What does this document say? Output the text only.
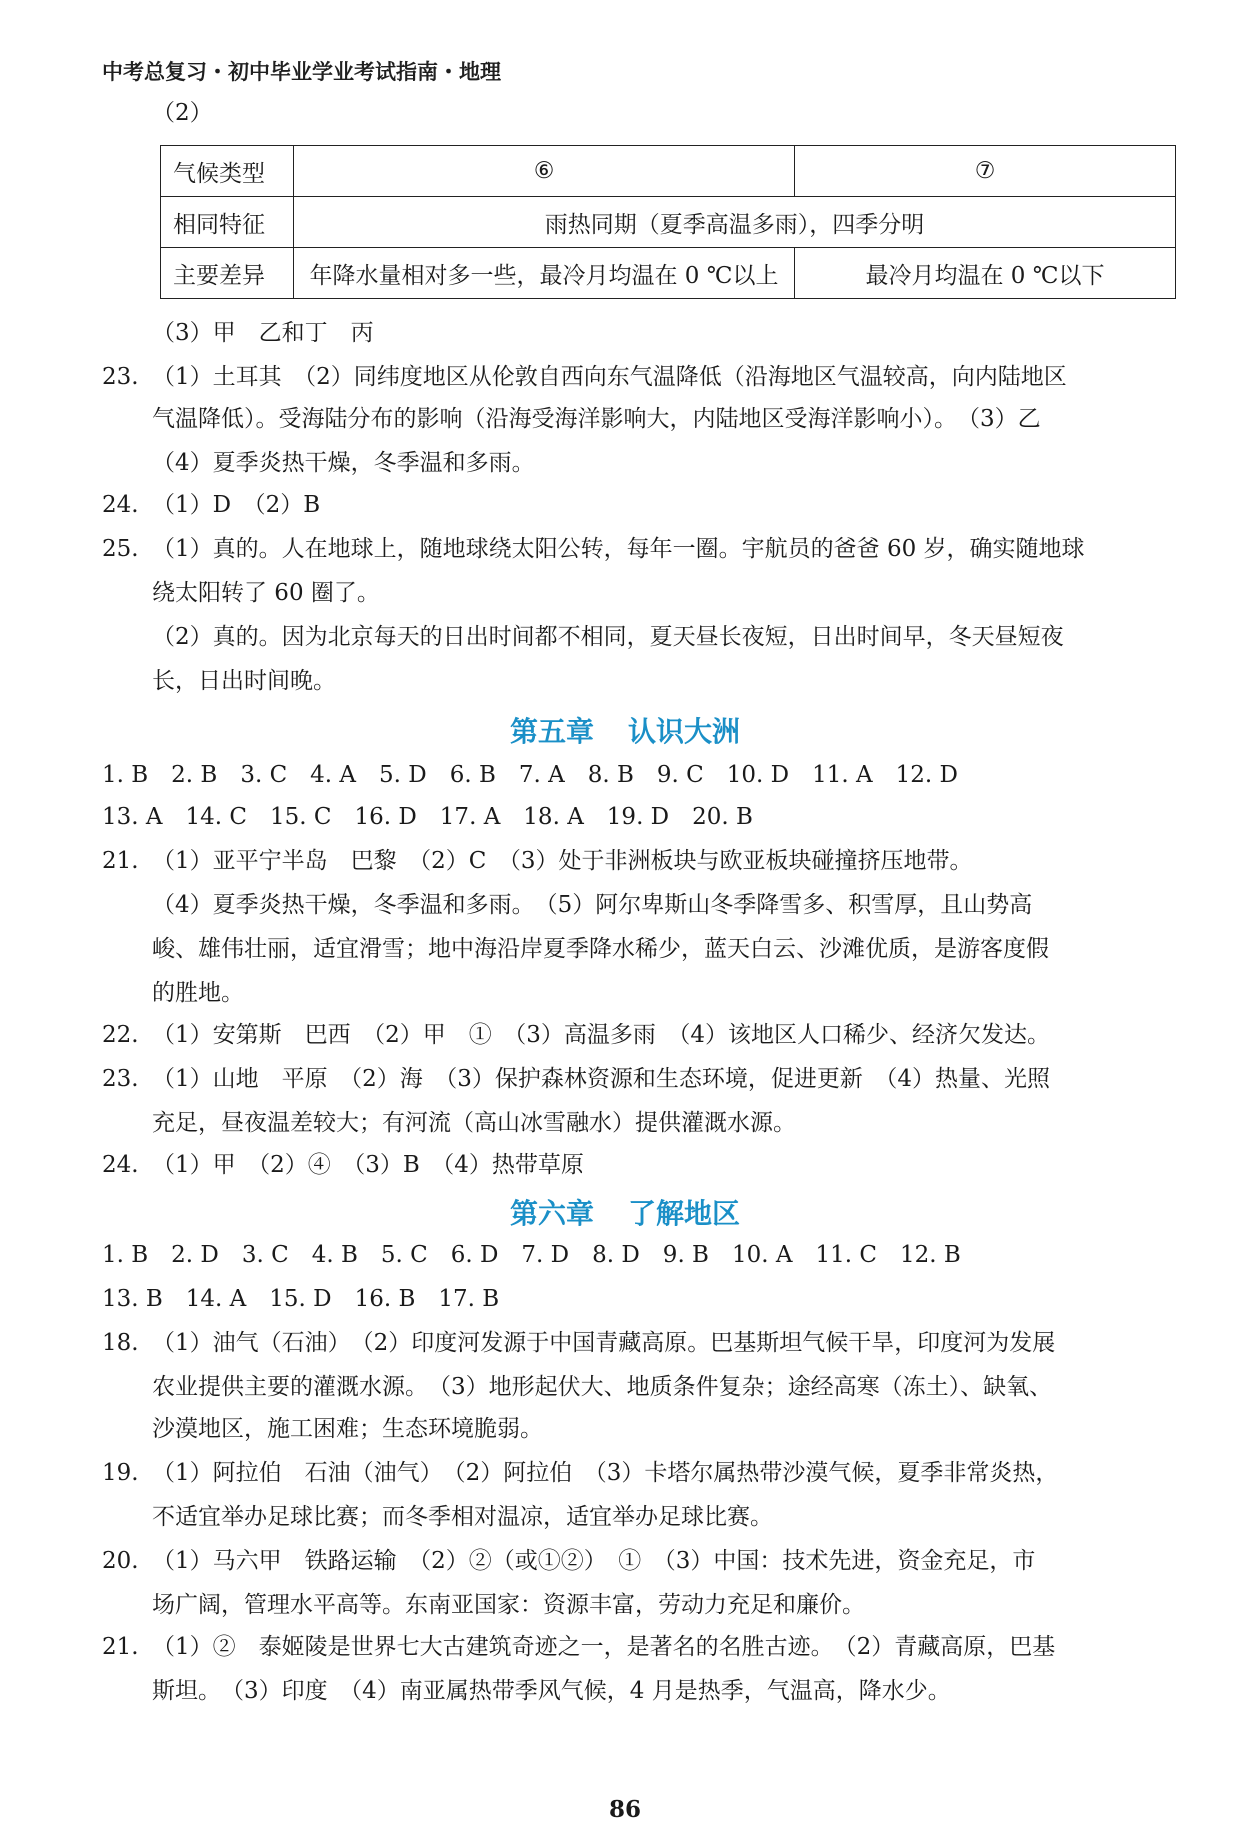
中考总复习・初中毕业学业考试指南・地理
（2）
气候类型	⑥	⑦
相同特征	雨热同期（夏季高温多雨），四季分明	
主要差异	年降水量相对多一些，最冷月均温在 0 ℃以上	最冷月均温在 0 ℃以下
（3）甲　乙和丁　丙
23. （1）土耳其　（2）同纬度地区从伦敦自西向东气温降低（沿海地区气温较高，向内陆地区
气温降低）。受海陆分布的影响（沿海受海洋影响大，内陆地区受海洋影响小）。　（3）乙
（4）夏季炎热干燥，冬季温和多雨。
24. （1）D　（2）B
25. （1）真的。人在地球上，随地球绕太阳公转，每年一圈。宇航员的爸爸 60 岁，确实随地球
绕太阳转了 60 圈了。
（2）真的。因为北京每天的日出时间都不相同，夏天昼长夜短，日出时间早，冬天昼短夜
长，日出时间晚。
第五章 认识大洲
1. B　2. B　3. C　4. A　5. D　6. B　7. A　8. B　9. C　10. D　11. A　12. D
13. A　14. C　15. C　16. D　17. A　18. A　19. D　20. B
21. （1）亚平宁半岛　巴黎　（2）C　（3）处于非洲板块与欧亚板块碰撞挤压地带。
（4）夏季炎热干燥，冬季温和多雨。　（5）阿尔卑斯山冬季降雪多、积雪厚，且山势高
峻、雄伟壮丽，适宜滑雪；地中海沿岸夏季降水稀少，蓝天白云、沙滩优质，是游客度假
的胜地。
22. （1）安第斯　巴西　（2）甲　①　（3）高温多雨　（4）该地区人口稀少、经济欠发达。
23. （1）山地　平原　（2）海　（3）保护森林资源和生态环境，促进更新　（4）热量、光照
充足，昼夜温差较大；有河流（高山冰雪融水）提供灌溉水源。
24. （1）甲　（2）④　（3）B　（4）热带草原
第六章 了解地区
1. B　2. D　3. C　4. B　5. C　6. D　7. D　8. D　9. B　10. A　11. C　12. B
13. B　14. A　15. D　16. B　17. B
18. （1）油气（石油）　（2）印度河发源于中国青藏高原。巴基斯坦气候干旱，印度河为发展
农业提供主要的灌溉水源。　（3）地形起伏大、地质条件复杂；途经高寒（冻土）、缺氧、
沙漠地区，施工困难；生态环境脆弱。
19. （1）阿拉伯　石油（油气）　（2）阿拉伯　（3）卡塔尔属热带沙漠气候，夏季非常炎热，
不适宜举办足球比赛；而冬季相对温凉，适宜举办足球比赛。
20. （1）马六甲　铁路运输　（2）②（或①②）　①　（3）中国：技术先进，资金充足，市
场广阔，管理水平高等。东南亚国家：资源丰富，劳动力充足和廉价。
21. （1）②　泰姬陵是世界七大古建筑奇迹之一，是著名的名胜古迹。　（2）青藏高原，巴基
斯坦。　（3）印度　（4）南亚属热带季风气候，4 月是热季，气温高，降水少。
86
